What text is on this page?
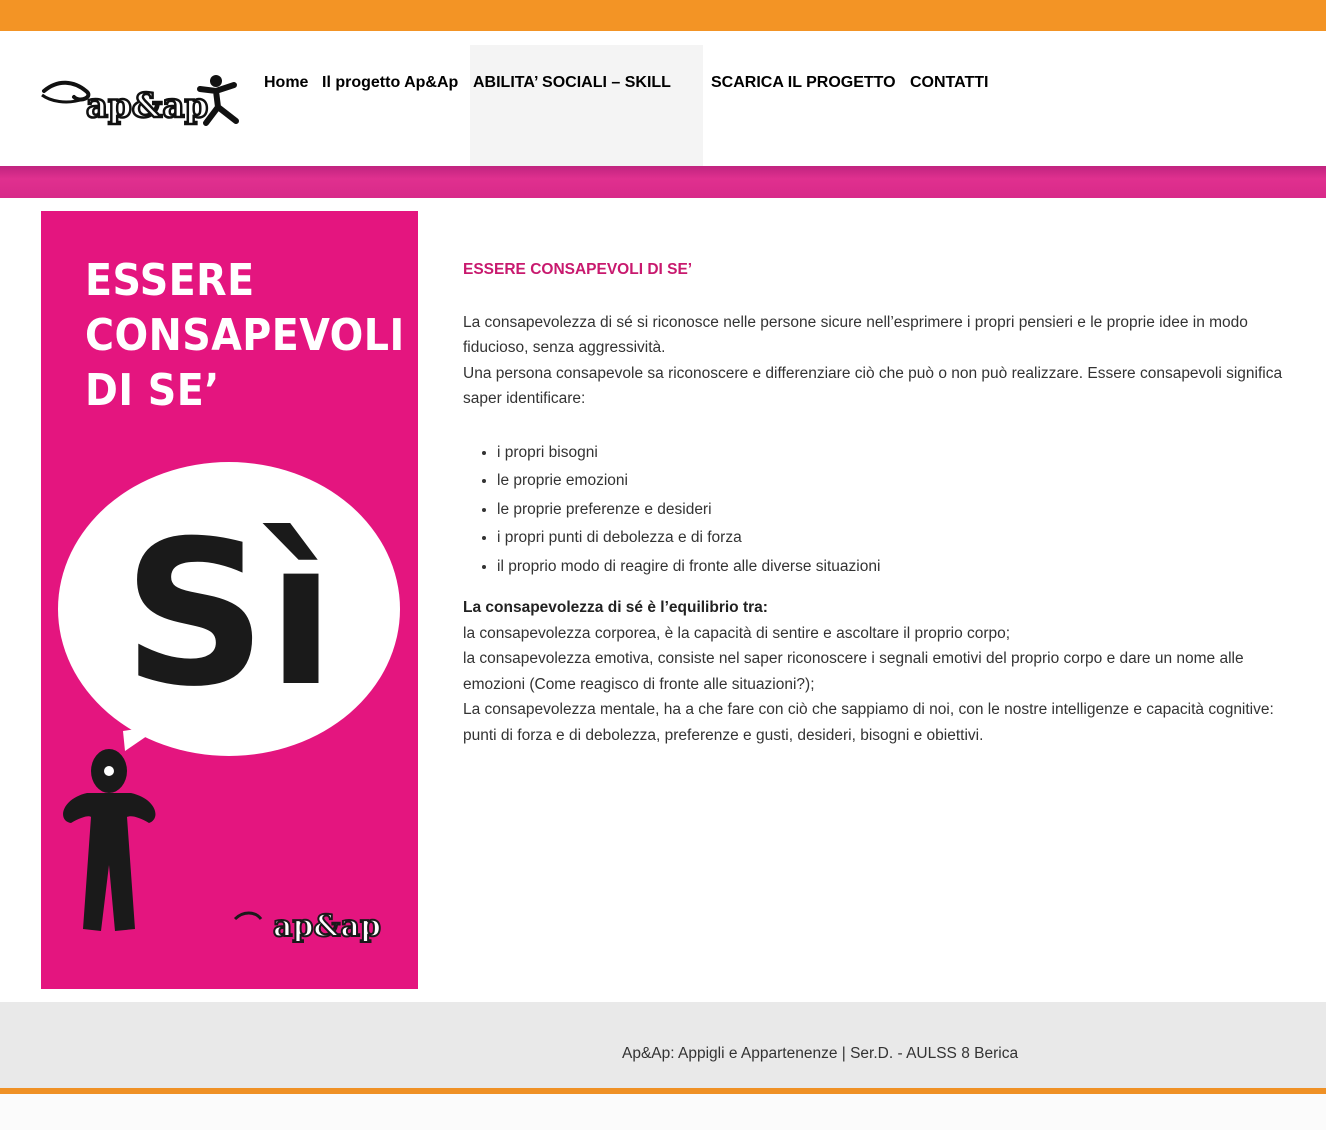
ap&ap
Home Il progetto Ap&Ap ABILITA’ SOCIALI – SKILL	SCARICA IL PROGETTO CONTATTI
Sì
ap&ap
ESSERE
CONSAPEVOLI
DI SE’
ESSERE CONSAPEVOLI DI SE’

La consapevolezza di sé si riconosce nelle persone sicure nell’esprimere i propri pensieri e le proprie idee in modo fiducioso, senza aggressività.

Una persona consapevole sa riconoscere e differenziare ciò che può o non può realizzare. Essere consapevoli significa saper identificare:

• i propri bisogni
• le proprie emozioni
• le proprie preferenze e desideri
• i propri punti di debolezza e di forza
• il proprio modo di reagire di fronte alle diverse situazioni

La consapevolezza di sé è l’equilibrio tra:

la consapevolezza corporea, è la capacità di sentire e ascoltare il proprio corpo;

la consapevolezza emotiva, consiste nel saper riconoscere i segnali emotivi del proprio corpo e dare un nome alle emozioni (Come reagisco di fronte alle situazioni?);

La consapevolezza mentale, ha a che fare con ciò che sappiamo di noi, con le nostre intelligenze e capacità cognitive: punti di forza e di debolezza, preferenze e gusti, desideri, bisogni e obiettivi.

Ap&Ap: Appigli e Appartenenze | Ser.D. - AULSS 8 Berica
